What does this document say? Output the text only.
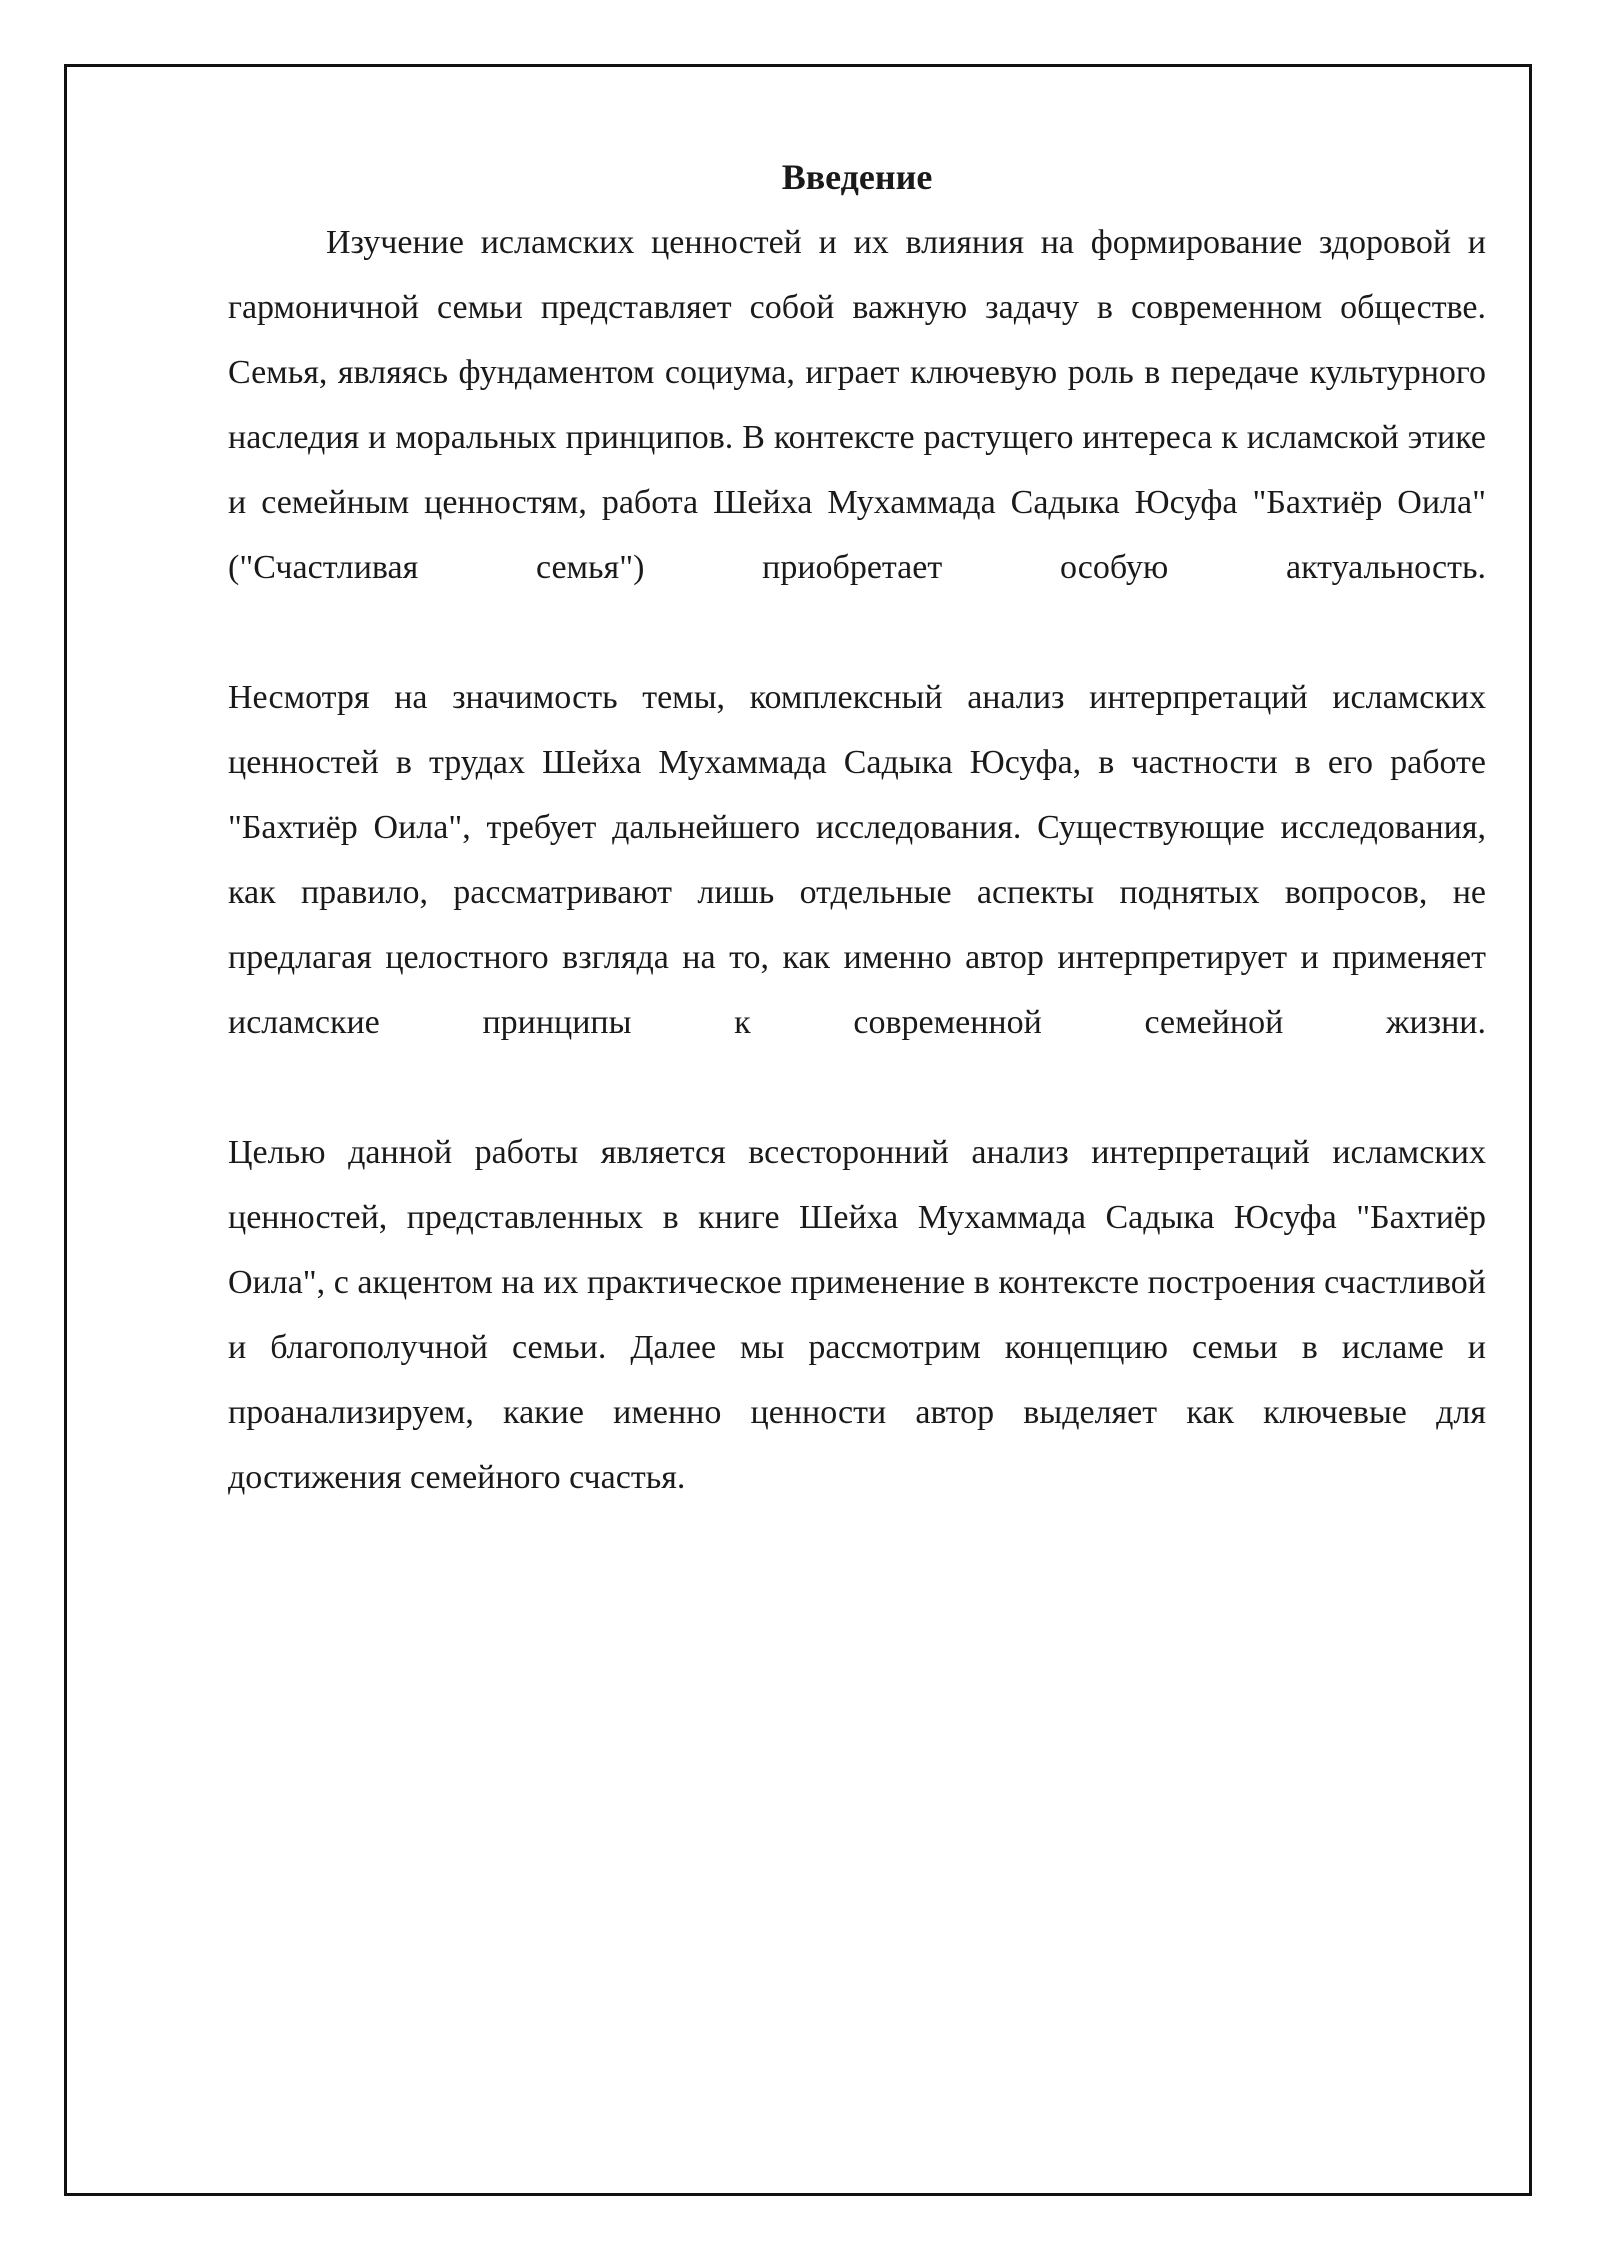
Введение

Изучение исламских ценностей и их влияния на формирование здоровой и гармоничной семьи представляет собой важную задачу в современном обществе. Семья, являясь фундаментом социума, играет ключевую роль в передаче культурного наследия и моральных принципов. В контексте растущего интереса к исламской этике и семейным ценностям, работа Шейха Мухаммада Садыка Юсуфа "Бахтиёр Оила" ("Счастливая семья") приобретает особую актуальность.

Несмотря на значимость темы, комплексный анализ интерпретаций исламских ценностей в трудах Шейха Мухаммада Садыка Юсуфа, в частности в его работе "Бахтиёр Оила", требует дальнейшего исследования. Существующие исследования, как правило, рассматривают лишь отдельные аспекты поднятых вопросов, не предлагая целостного взгляда на то, как именно автор интерпретирует и применяет исламские принципы к современной семейной жизни.

Целью данной работы является всесторонний анализ интерпретаций исламских ценностей, представленных в книге Шейха Мухаммада Садыка Юсуфа "Бахтиёр Оила", с акцентом на их практическое применение в контексте построения счастливой и благополучной семьи. Далее мы рассмотрим концепцию семьи в исламе и проанализируем, какие именно ценности автор выделяет как ключевые для достижения семейного счастья.
